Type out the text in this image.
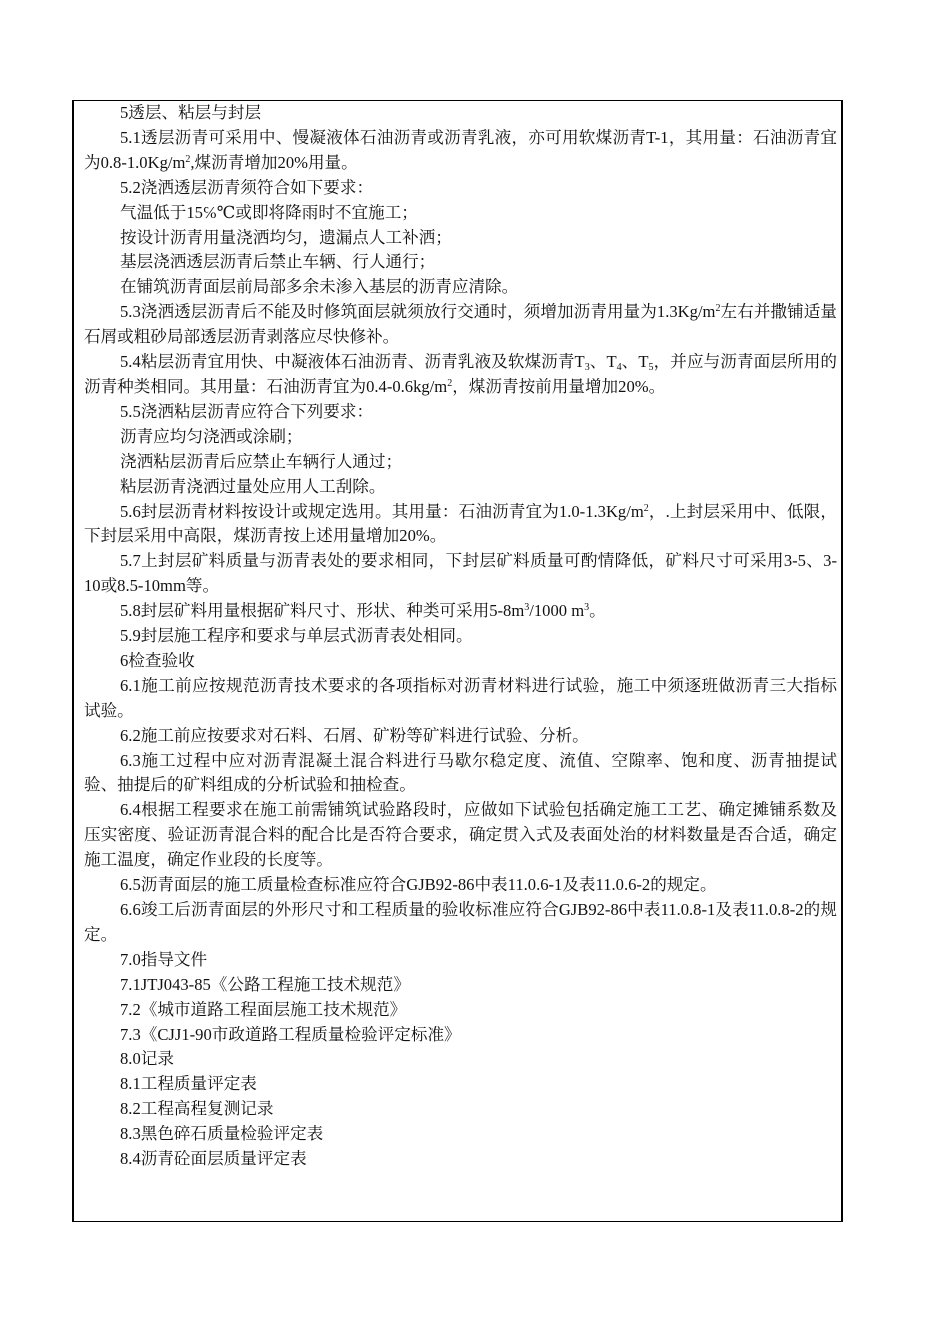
5透层、粘层与封层

5.1透层沥青可采用中、慢凝液体石油沥青或沥青乳液，亦可用软煤沥青T-1，其用量：石油沥青宜为$0.8-1.0Kg/m^2$,煤沥青增加20%用量。

5.2浇洒透层沥青须符合如下要求：

气温低于15℅℃或即将降雨时不宜施工；

按设计沥青用量浇洒均匀，遗漏点人工补洒；

基层浇洒透层沥青后禁止车辆、行人通行；

在铺筑沥青面层前局部多余未渗入基层的沥青应清除。

5.3浇洒透层沥青后不能及时修筑面层就须放行交通时，须增加沥青用量为$1.3Kg/m^2$左右并撒铺适量石屑或粗砂局部透层沥青剥落应尽快修补。

5.4粘层沥青宜用快、中凝液体石油沥青、沥青乳液及软煤沥青$T_3$、$T_4$、$T_5$，并应与沥青面层所用的沥青种类相同。其用量：石油沥青宜为$0.4-0.6kg/m^2$，煤沥青按前用量增加20%。

5.5浇洒粘层沥青应符合下列要求：

沥青应均匀浇洒或涂刷；

浇洒粘层沥青后应禁止车辆行人通过；

粘层沥青浇洒过量处应用人工刮除。

5.6封层沥青材料按设计或规定选用。其用量：石油沥青宜为$1.0-1.3Kg/m^2$，.上封层采用中、低限，下封层采用中高限，煤沥青按上述用量增加20%。

5.7上封层矿料质量与沥青表处的要求相同，下封层矿料质量可酌情降低，矿料尺寸可采用3-5、3-10或8.5-10mm等。

5.8封层矿料用量根据矿料尺寸、形状、种类可采用$5-8m^3/1000$ $m^3$。

5.9封层施工程序和要求与单层式沥青表处相同。

6检查验收

6.1施工前应按规范沥青技术要求的各项指标对沥青材料进行试验，施工中须逐班做沥青三大指标试验。

6.2施工前应按要求对石料、石屑、矿粉等矿料进行试验、分析。

6.3施工过程中应对沥青混凝土混合料进行马歇尔稳定度、流值、空隙率、饱和度、沥青抽提试验、抽提后的矿料组成的分析试验和抽检查。

6.4根据工程要求在施工前需铺筑试验路段时，应做如下试验包括确定施工工艺、确定摊铺系数及压实密度、验证沥青混合料的配合比是否符合要求，确定贯入式及表面处治的材料数量是否合适，确定施工温度，确定作业段的长度等。

6.5沥青面层的施工质量检查标准应符合GJB92-86中表11.0.6-1及表11.0.6-2的规定。

6.6竣工后沥青面层的外形尺寸和工程质量的验收标准应符合GJB92-86中表11.0.8-1及表11.0.8-2的规定。

7.0指导文件

7.1JTJ043-85《公路工程施工技术规范》

7.2《城市道路工程面层施工技术规范》

7.3《CJJ1-90市政道路工程质量检验评定标准》

8.0记录

8.1工程质量评定表

8.2工程高程复测记录

8.3黑色碎石质量检验评定表

8.4沥青砼面层质量评定表
